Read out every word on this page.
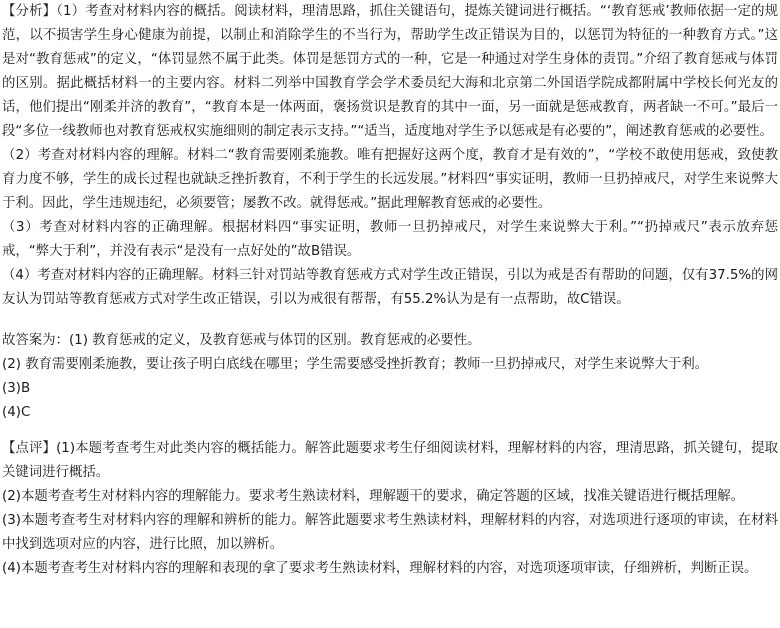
【分析】（1）考查对材料内容的概括。阅读材料，理清思路，抓住关键语句，提炼关键词进行概括。“‘教育惩戒’教师依据一定的规范，以不损害学生身心健康为前提，以制止和消除学生的不当行为，帮助学生改正错误为目的，以惩罚为特征的一种教育方式。”这是对“教育惩戒”的定义，“体罚显然不属于此类。体罚是惩罚方式的一种，它是一种通过对学生身体的责罚。”介绍了教育惩戒与体罚的区别。据此概括材料一的主要内容。材料二列举中国教育学会学术委员纪大海和北京第二外国语学院成都附属中学校长何光友的话，他们提出“刚柔并济的教育”，“教育本是一体两面，褒扬赏识是教育的其中一面，另一面就是惩戒教育，两者缺一不可。”最后一段“多位一线教师也对教育惩戒权实施细则的制定表示支持。”“适当，适度地对学生予以惩戒是有必要的”，阐述教育惩戒的必要性。

（2）考查对材料内容的理解。材料二“教育需要刚柔施教。唯有把握好这两个度，教育才是有效的”，“学校不敢使用惩戒，致使教育力度不够，学生的成长过程也就缺乏挫折教育，不利于学生的长远发展。”材料四“事实证明，教师一旦扔掉戒尺，对学生来说弊大于利。因此，学生违规违纪，必须要管；屡教不改。就得惩戒。”据此理解教育惩戒的必要性。

（3）考查对材料内容的正确理解。根据材料四“事实证明，教师一旦扔掉戒尺，对学生来说弊大于利。”“扔掉戒尺”表示放弃惩戒，“弊大于利”，并没有表示“是没有一点好处的”故B错误。

（4）考查对材料内容的正确理解。材料三针对罚站等教育惩戒方式对学生改正错误，引以为戒是否有帮助的问题，仅有37.5%的网友认为罚站等教育惩戒方式对学生改正错误，引以为戒很有帮帮，有55.2%认为是有一点帮助，故C错误。

故答案为：(1) 教育惩戒的定义，及教育惩戒与体罚的区别。教育惩戒的必要性。

(2) 教育需要刚柔施教，要让孩子明白底线在哪里；学生需要感受挫折教育；教师一旦扔掉戒尺，对学生来说弊大于利。

(3)B

(4)C

【点评】(1)本题考查考生对此类内容的概括能力。解答此题要求考生仔细阅读材料，理解材料的内容，理清思路，抓关键句，提取关键词进行概括。

(2)本题考查考生对材料内容的理解能力。要求考生熟读材料，理解题干的要求，确定答题的区域，找准关键语进行概括理解。

(3)本题考查考生对材料内容的理解和辨析的能力。解答此题要求考生熟读材料，理解材料的内容，对选项进行逐项的审读，在材料中找到选项对应的内容，进行比照，加以辨析。

(4)本题考查考生对材料内容的理解和表现的拿了要求考生熟读材料，理解材料的内容，对选项逐项审读，仔细辨析，判断正误。
